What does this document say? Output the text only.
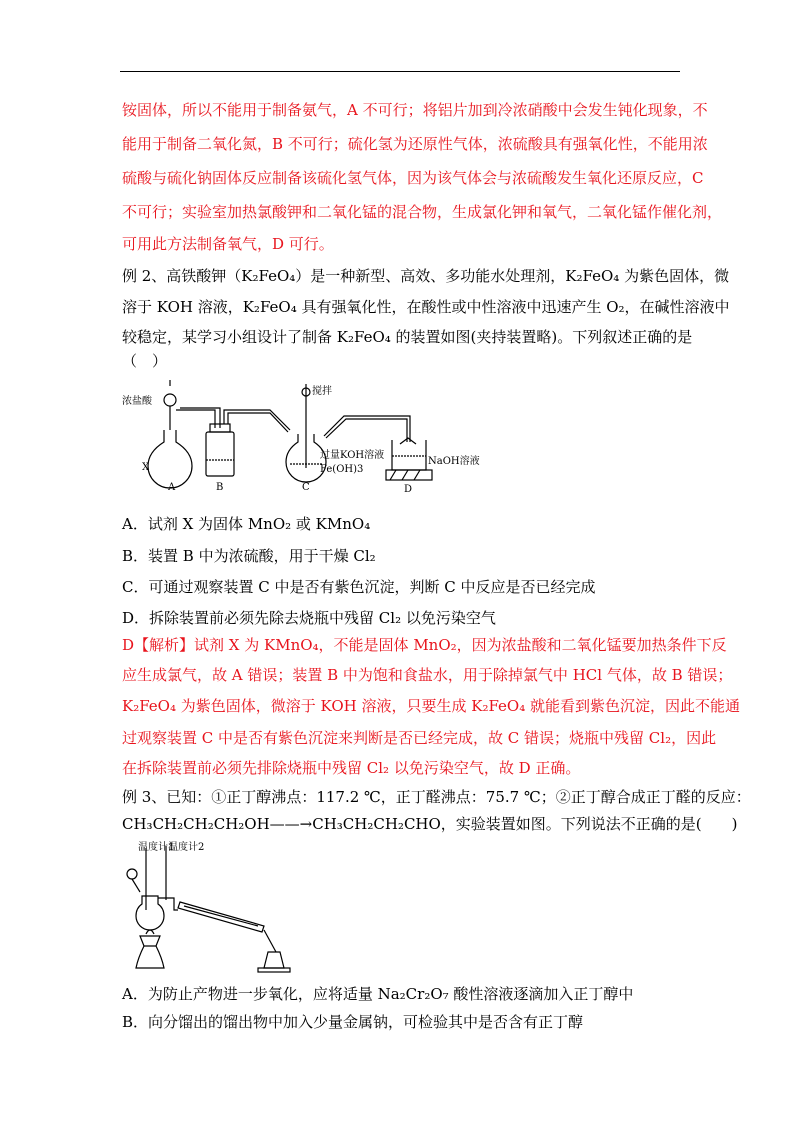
铵固体，所以不能用于制备氨气，A 不可行；将铝片加到冷浓硝酸中会发生钝化现象，不
能用于制备二氧化氮，B 不可行；硫化氢为还原性气体，浓硫酸具有强氧化性，不能用浓
硫酸与硫化钠固体反应制备该硫化氢气体，因为该气体会与浓硫酸发生氧化还原反应，C
不可行；实验室加热氯酸钾和二氧化锰的混合物，生成氯化钾和氧气，二氧化锰作催化剂，
可用此方法制备氧气，D 可行。
例 2、高铁酸钾（K₂FeO₄）是一种新型、高效、多功能水处理剂，K₂FeO₄ 为紫色固体，微
溶于 KOH 溶液，K₂FeO₄ 具有强氧化性，在酸性或中性溶液中迅速产生 O₂，在碱性溶液中
较稳定，某学习小组设计了制备 K₂FeO₄ 的装置如图(夹持装置略)。下列叙述正确的是
（　）
浓盐酸
X
搅拌
过量KOH溶液
Fe(OH)3
NaOH溶液
A	B	C	D
A．试剂 X 为固体 MnO₂ 或 KMnO₄
B．装置 B 中为浓硫酸，用于干燥 Cl₂
C．可通过观察装置 C 中是否有紫色沉淀，判断 C 中反应是否已经完成
D．拆除装置前必须先除去烧瓶中残留 Cl₂ 以免污染空气
D【解析】试剂 X 为 KMnO₄，不能是固体 MnO₂，因为浓盐酸和二氧化锰要加热条件下反
应生成氯气，故 A 错误；装置 B 中为饱和食盐水，用于除掉氯气中 HCl 气体，故 B 错误；
K₂FeO₄ 为紫色固体，微溶于 KOH 溶液，只要生成 K₂FeO₄ 就能看到紫色沉淀，因此不能通
过观察装置 C 中是否有紫色沉淀来判断是否已经完成，故 C 错误；烧瓶中残留 Cl₂，因此
在拆除装置前必须先排除烧瓶中残留 Cl₂ 以免污染空气，故 D 正确。
例 3、已知：①正丁醇沸点：117.2 ℃，正丁醛沸点：75.7 ℃；②正丁醇合成正丁醛的反应：
CH₃CH₂CH₂CH₂OH——→CH₃CH₂CH₂CHO，实验装置如图。下列说法不正确的是(　　)
温度计1
温度计2
A．为防止产物进一步氧化，应将适量 Na₂Cr₂O₇ 酸性溶液逐滴加入正丁醇中
B．向分馏出的馏出物中加入少量金属钠，可检验其中是否含有正丁醇
